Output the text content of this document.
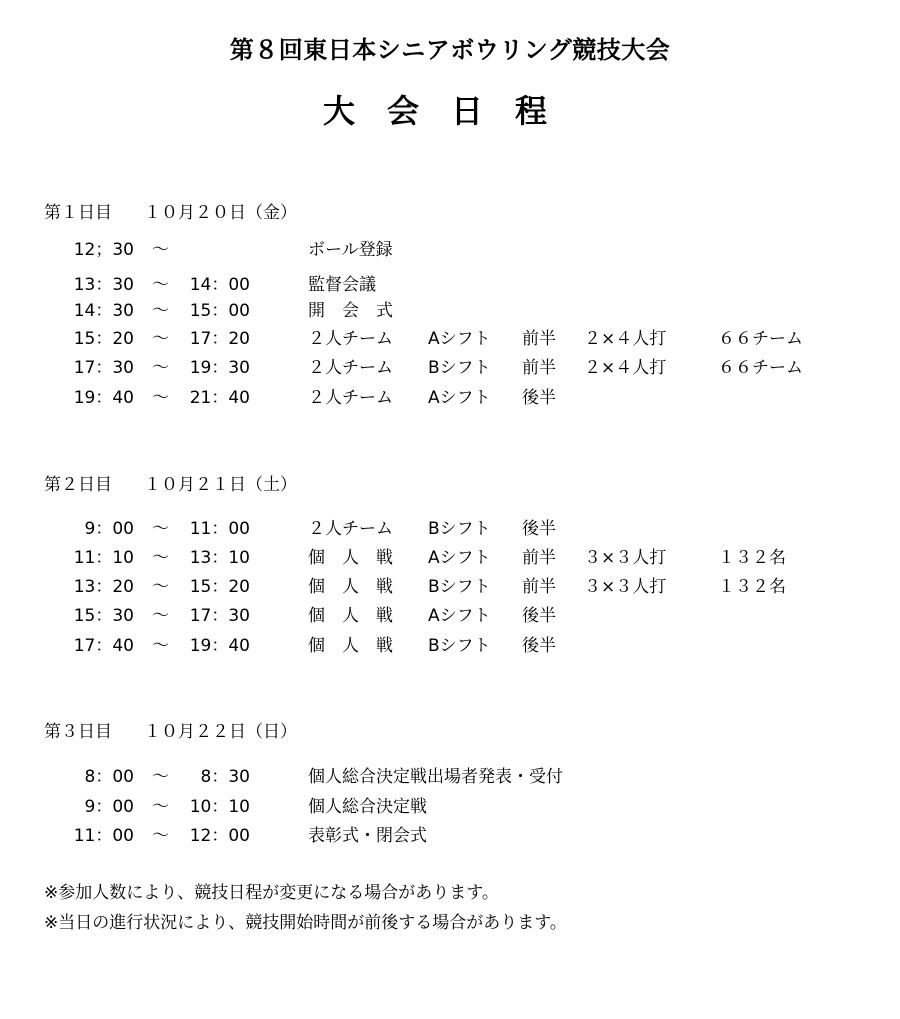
第８回東日本シニアボウリング競技大会
大　会　日　程
第１日目 １０月２０日（金）
12；30 ～	ボール登録
13：30 ～ 14：00	監督会議
14：30 ～ 15：00	開　会　式
15：20 ～ 17：20	２人チーム Aシフト 前半 ２×４人打	６６チーム
17：30 ～ 19：30	２人チーム Bシフト 前半 ２×４人打	６６チーム
19：40 ～ 21：40	２人チーム Aシフト 後半
第２日目 １０月２１日（土）
9：00 ～ 11：00	２人チーム Bシフト 後半
11：10 ～ 13：10	個　人　戦 Aシフト 前半 ３×３人打	１３２名
13：20 ～ 15：20	個　人　戦 Bシフト 前半 ３×３人打	１３２名
15：30 ～ 17：30	個　人　戦 Aシフト 後半
17：40 ～ 19：40	個　人　戦 Bシフト 後半
第３日目 １０月２２日（日）
8：00 ～ 8：30	個人総合決定戦出場者発表・受付
9：00 ～ 10：10	個人総合決定戦
11：00 ～ 12：00	表彰式・閉会式
※参加人数により、競技日程が変更になる場合があります。
※当日の進行状況により、競技開始時間が前後する場合があります。
